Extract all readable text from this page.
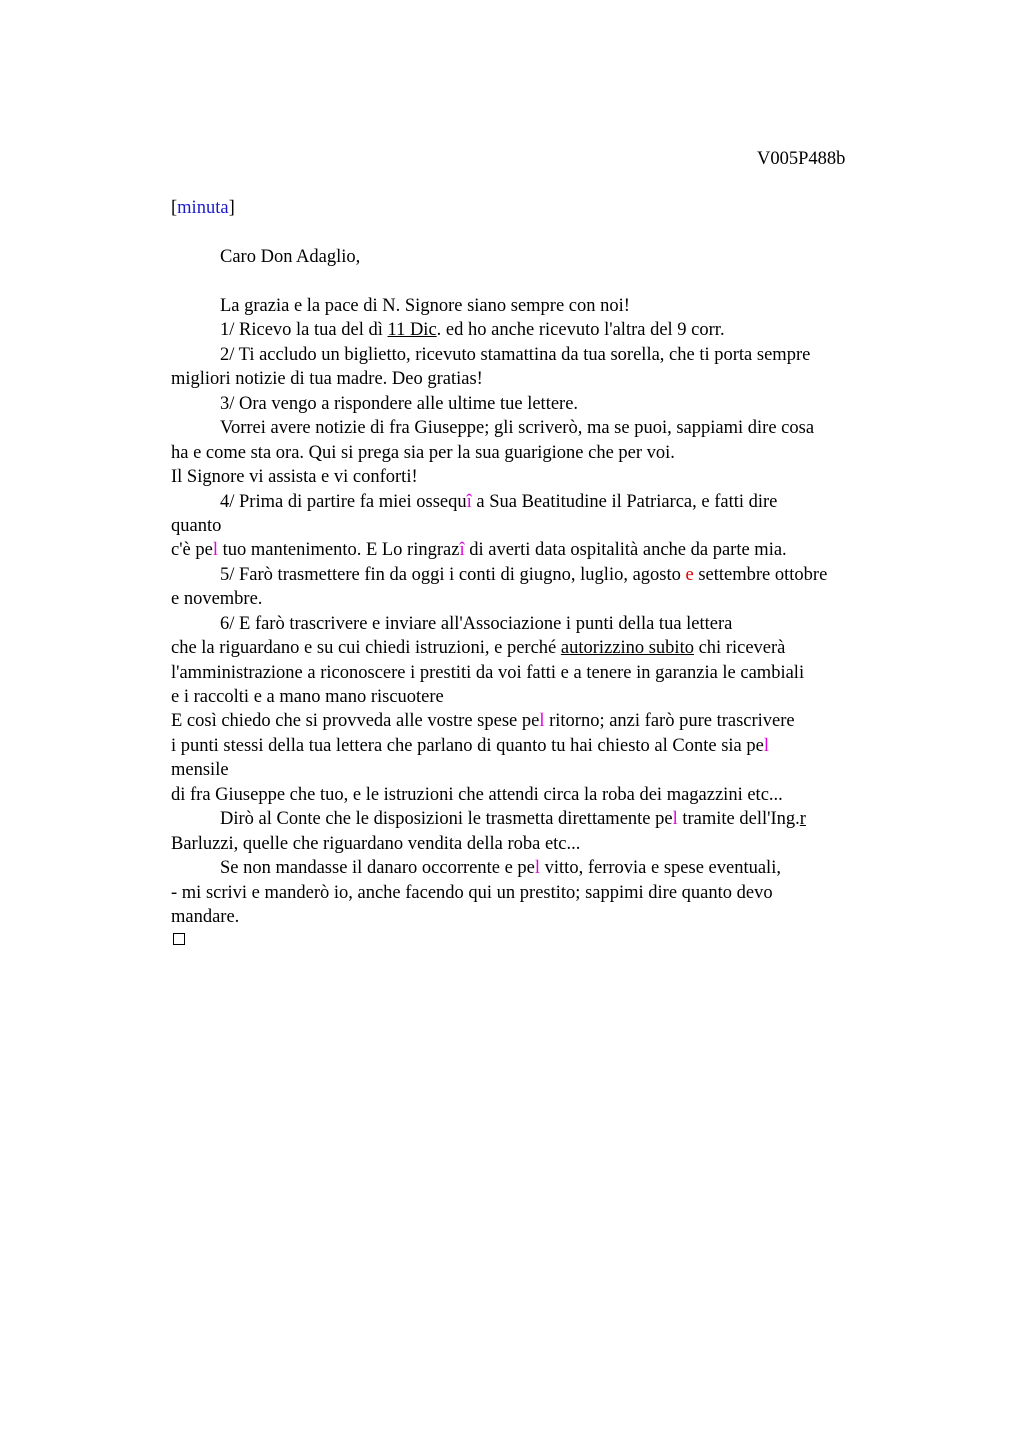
V005P488b
[minuta]
Caro Don Adaglio,
La grazia e la pace di N. Signore siano sempre con noi!
1/ Ricevo la tua del dì 11 Dic. ed ho anche ricevuto l'altra del 9 corr.
2/ Ti accludo un biglietto, ricevuto stamattina da tua sorella, che ti porta sempre
migliori notizie di tua madre. Deo gratias!
3/ Ora vengo a rispondere alle ultime tue lettere.
Vorrei avere notizie di fra Giuseppe; gli scriverò, ma se puoi, sappiami dire cosa
ha e come sta ora. Qui si prega sia per la sua guarigione che per voi.
Il Signore vi assista e vi conforti!
4/ Prima di partire fa miei ossequî a Sua Beatitudine il Patriarca, e fatti dire
quanto
c'è pel tuo mantenimento. E Lo ringrazî di averti data ospitalità anche da parte mia.
5/ Farò trasmettere fin da oggi i conti di giugno, luglio, agosto e settembre ottobre
e novembre.
6/ E farò trascrivere e inviare all'Associazione i punti della tua lettera
che la riguardano e su cui chiedi istruzioni, e perché autorizzino subito chi riceverà
l'amministrazione a riconoscere i prestiti da voi fatti e a tenere in garanzia le cambiali
e i raccolti e a mano mano riscuotere
E così chiedo che si provveda alle vostre spese pel ritorno; anzi farò pure trascrivere
i punti stessi della tua lettera che parlano di quanto tu hai chiesto al Conte sia pel
mensile
di fra Giuseppe che tuo, e le istruzioni che attendi circa la roba dei magazzini etc...
Dirò al Conte che le disposizioni le trasmetta direttamente pel tramite dell'Ing.r
Barluzzi, quelle che riguardano vendita della roba etc...
Se non mandasse il danaro occorrente e pel vitto, ferrovia e spese eventuali,
- mi scrivi e manderò io, anche facendo qui un prestito; sappimi dire quanto devo
mandare.
